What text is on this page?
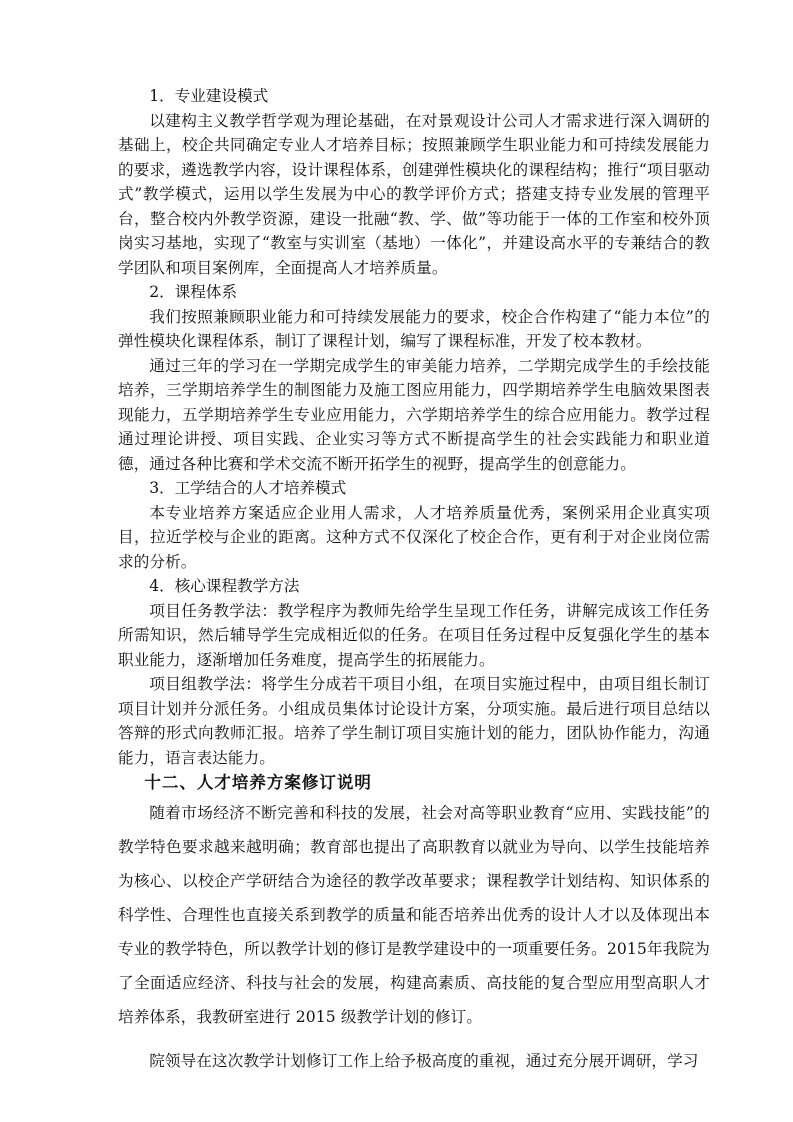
1．专业建设模式

以建构主义教学哲学观为理论基础，在对景观设计公司人才需求进行深入调研的基础上，校企共同确定专业人才培养目标；按照兼顾学生职业能力和可持续发展能力的要求，遴选教学内容，设计课程体系，创建弹性模块化的课程结构；推行“项目驱动式”教学模式，运用以学生发展为中心的教学评价方式；搭建支持专业发展的管理平台，整合校内外教学资源，建设一批融“教、学、做”等功能于一体的工作室和校外顶岗实习基地，实现了“教室与实训室（基地）一体化”，并建设高水平的专兼结合的教学团队和项目案例库，全面提高人才培养质量。

2．课程体系

我们按照兼顾职业能力和可持续发展能力的要求，校企合作构建了“能力本位”的弹性模块化课程体系，制订了课程计划，编写了课程标准，开发了校本教材。

通过三年的学习在一学期完成学生的审美能力培养，二学期完成学生的手绘技能培养，三学期培养学生的制图能力及施工图应用能力，四学期培养学生电脑效果图表现能力，五学期培养学生专业应用能力，六学期培养学生的综合应用能力。教学过程通过理论讲授、项目实践、企业实习等方式不断提高学生的社会实践能力和职业道德，通过各种比赛和学术交流不断开拓学生的视野，提高学生的创意能力。

3．工学结合的人才培养模式

本专业培养方案适应企业用人需求，人才培养质量优秀，案例采用企业真实项目，拉近学校与企业的距离。这种方式不仅深化了校企合作，更有利于对企业岗位需求的分析。

4．核心课程教学方法

项目任务教学法：教学程序为教师先给学生呈现工作任务，讲解完成该工作任务所需知识，然后辅导学生完成相近似的任务。在项目任务过程中反复强化学生的基本职业能力，逐渐增加任务难度，提高学生的拓展能力。

项目组教学法：将学生分成若干项目小组，在项目实施过程中，由项目组长制订项目计划并分派任务。小组成员集体讨论设计方案，分项实施。最后进行项目总结以答辩的形式向教师汇报。培养了学生制订项目实施计划的能力，团队协作能力，沟通能力，语言表达能力。

十二、人才培养方案修订说明

随着市场经济不断完善和科技的发展，社会对高等职业教育“应用、实践技能”的教学特色要求越来越明确；教育部也提出了高职教育以就业为导向、以学生技能培养为核心、以校企产学研结合为途径的教学改革要求；课程教学计划结构、知识体系的科学性、合理性也直接关系到教学的质量和能否培养出优秀的设计人才以及体现出本专业的教学特色，所以教学计划的修订是教学建设中的一项重要任务。2015年我院为了全面适应经济、科技与社会的发展，构建高素质、高技能的复合型应用型高职人才培养体系，我教研室进行 2015 级教学计划的修订。

院领导在这次教学计划修订工作上给予极高度的重视，通过充分展开调研，学习
